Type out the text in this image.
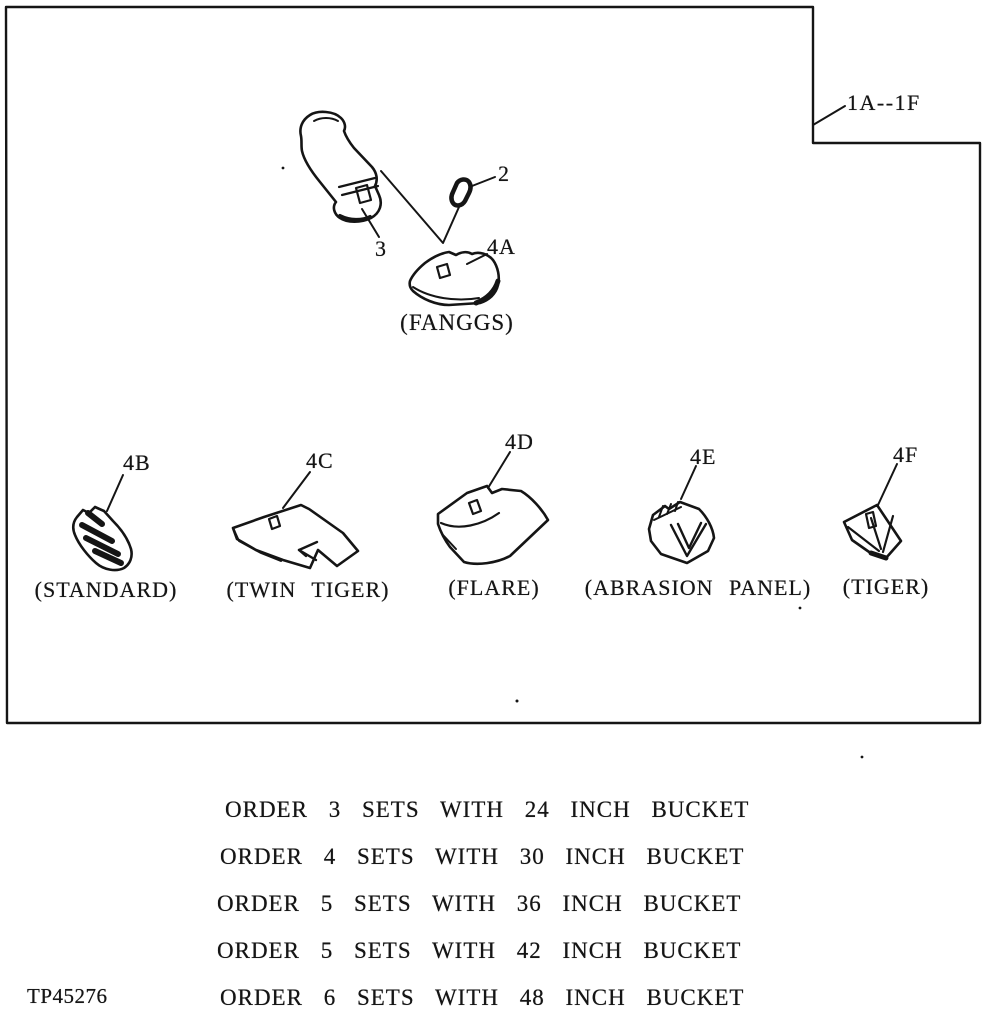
1A--1F
2
3	4A
4B	4C
4D
4E	4F
(FANGGS)
(STANDARD) (TWIN TIGER)	(FLARE) (ABRASION PANEL) (TIGER)
ORDER 3 SETS WITH 24 INCH BUCKET
ORDER 4 SETS WITH 30 INCH BUCKET
ORDER 5 SETS WITH 36 INCH BUCKET
ORDER 5 SETS WITH 42 INCH BUCKET
ORDER 6 SETS WITH 48 INCH BUCKET
TP45276
